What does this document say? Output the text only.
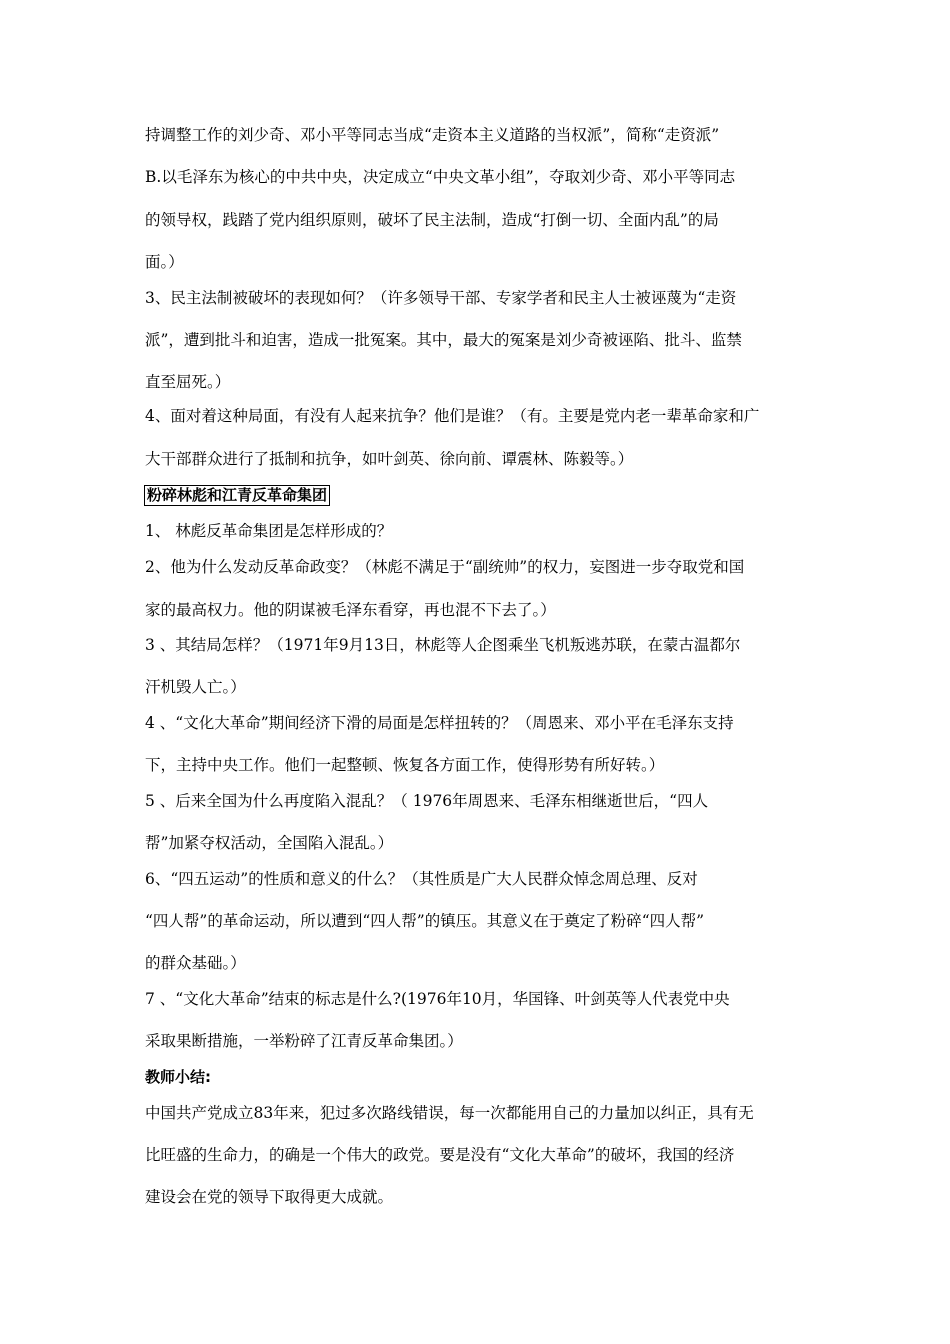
持调整工作的刘少奇、邓小平等同志当成“走资本主义道路的当权派”，简称“走资派”
B.以毛泽东为核心的中共中央，决定成立“中央文革小组”，夺取刘少奇、邓小平等同志
的领导权，践踏了党内组织原则，破坏了民主法制，造成“打倒一切、全面内乱”的局
面。）
3、民主法制被破坏的表现如何？（许多领导干部、专家学者和民主人士被诬蔑为“走资
派”，遭到批斗和迫害，造成一批冤案。其中，最大的冤案是刘少奇被诬陷、批斗、监禁
直至屈死。）
4、面对着这种局面，有没有人起来抗争？他们是谁？（有。主要是党内老一辈革命家和广
大干部群众进行了抵制和抗争，如叶剑英、徐向前、谭震林、陈毅等。）
粉碎林彪和江青反革命集团
1、 林彪反革命集团是怎样形成的？
2、他为什么发动反革命政变？（林彪不满足于“副统帅”的权力，妄图进一步夺取党和国
家的最高权力。他的阴谋被毛泽东看穿，再也混不下去了。）
3 、其结局怎样？（1971年9月13日，林彪等人企图乘坐飞机叛逃苏联，在蒙古温都尔
汗机毁人亡。）
4 、“文化大革命”期间经济下滑的局面是怎样扭转的？（周恩来、邓小平在毛泽东支持
下，主持中央工作。他们一起整顿、恢复各方面工作，使得形势有所好转。）
5 、后来全国为什么再度陷入混乱？（ 1976年周恩来、毛泽东相继逝世后，“四人
帮”加紧夺权活动，全国陷入混乱。）
6、“四五运动”的性质和意义的什么？（其性质是广大人民群众悼念周总理、反对
“四人帮”的革命运动，所以遭到“四人帮”的镇压。其意义在于奠定了粉碎“四人帮”
的群众基础。）
7 、“文化大革命”结束的标志是什么?(1976年10月，华国锋、叶剑英等人代表党中央
采取果断措施，一举粉碎了江青反革命集团。）
教师小结:
中国共产党成立83年来，犯过多次路线错误，每一次都能用自己的力量加以纠正，具有无
比旺盛的生命力，的确是一个伟大的政党。要是没有“文化大革命”的破坏，我国的经济
建设会在党的领导下取得更大成就。
